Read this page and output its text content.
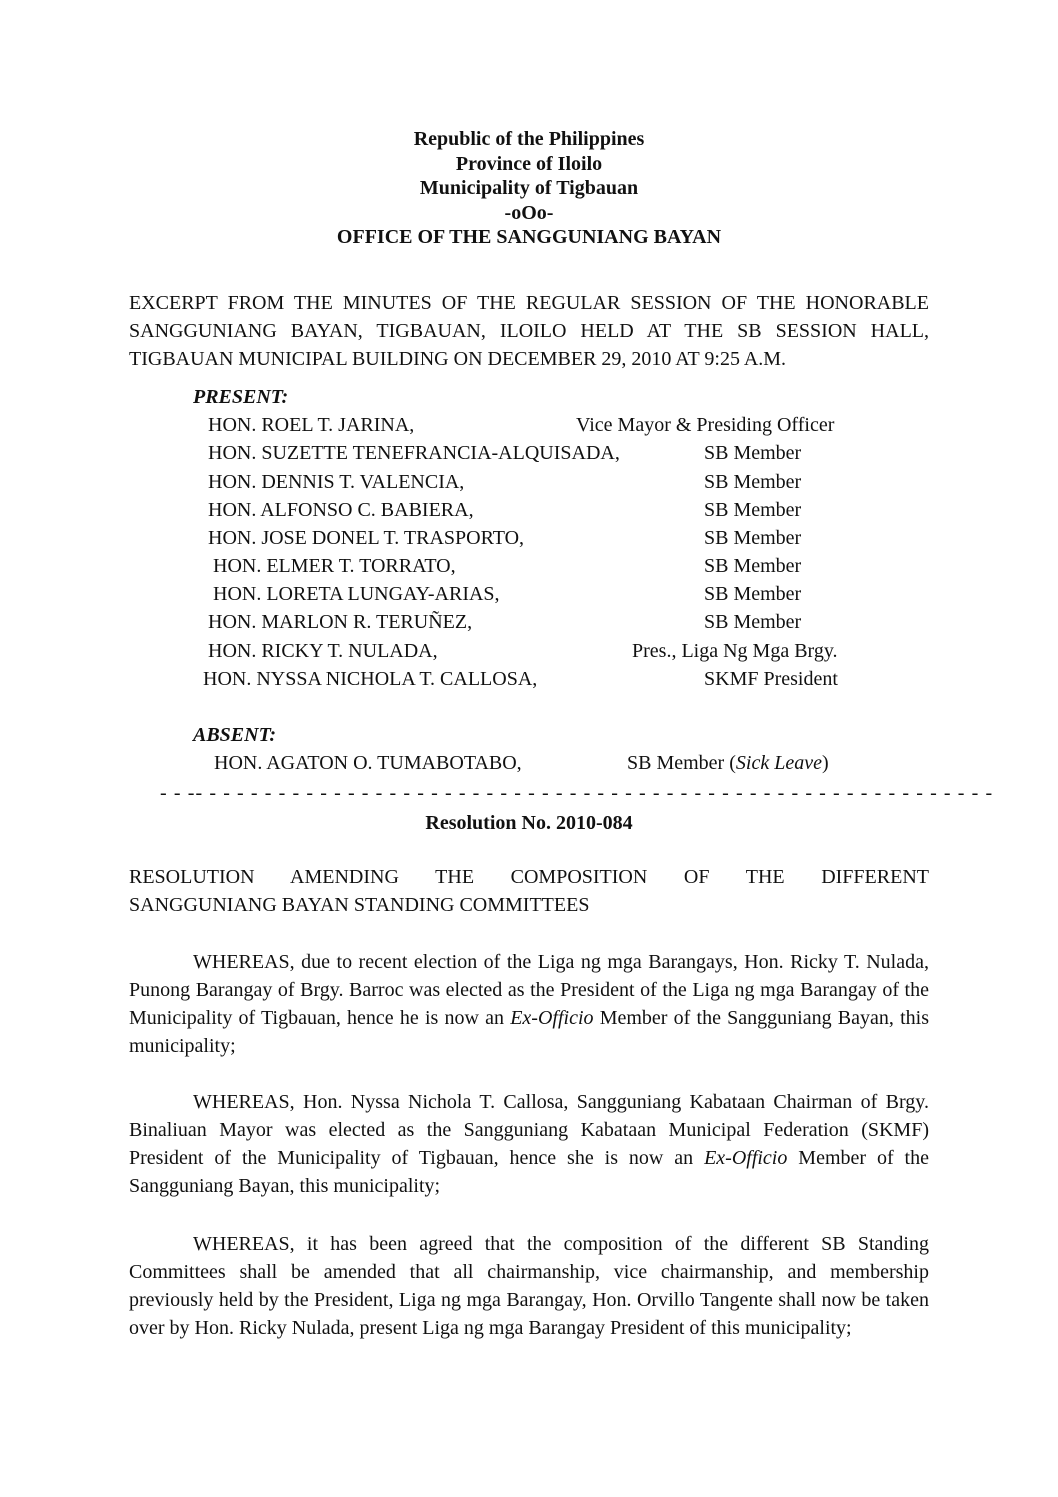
Republic of the Philippines
Province of Iloilo
Municipality of Tigbauan
-oOo-
OFFICE OF THE SANGGUNIANG BAYAN
EXCERPT FROM THE MINUTES OF THE REGULAR SESSION OF THE HONORABLE SANGGUNIANG BAYAN, TIGBAUAN, ILOILO HELD AT THE SB SESSION HALL, TIGBAUAN MUNICIPAL BUILDING ON DECEMBER 29, 2010 AT 9:25 A.M.
PRESENT:
HON. ROEL T. JARINA,	Vice Mayor & Presiding Officer
HON. SUZETTE TENEFRANCIA-ALQUISADA,	SB Member
HON. DENNIS T. VALENCIA,	SB Member
HON. ALFONSO C. BABIERA,	SB Member
HON. JOSE DONEL T. TRASPORTO,	SB Member
HON. ELMER T. TORRATO,	SB Member
HON. LORETA LUNGAY-ARIAS,	SB Member
HON. MARLON R. TERUÑEZ,	SB Member
HON. RICKY T. NULADA,	Pres., Liga Ng Mga Brgy.
HON. NYSSA NICHOLA T. CALLOSA,	SKMF President
ABSENT:
HON. AGATON O. TUMABOTABO,	SB Member (Sick Leave)
- - -- - - - - - - - - - - - - - - - - - - - - - - - - - - - - - - - - - - - - - - - - - - - - - - - - - - - - - - - - -
Resolution No. 2010-084
RESOLUTION AMENDING THE COMPOSITION OF THE DIFFERENT
SANGGUNIANG BAYAN STANDING COMMITTEES
WHEREAS, due to recent election of the Liga ng mga Barangays, Hon. Ricky T. Nulada, Punong Barangay of Brgy. Barroc was elected as the President of the Liga ng mga Barangay of the Municipality of Tigbauan, hence he is now an Ex-Officio Member of the Sangguniang Bayan, this municipality;
WHEREAS, Hon. Nyssa Nichola T. Callosa, Sangguniang Kabataan Chairman of Brgy. Binaliuan Mayor was elected as the Sangguniang Kabataan Municipal Federation (SKMF) President of the Municipality of Tigbauan, hence she is now an Ex-Officio Member of the Sangguniang Bayan, this municipality;
WHEREAS, it has been agreed that the composition of the different SB Standing Committees shall be amended that all chairmanship, vice chairmanship, and membership previously held by the President, Liga ng mga Barangay, Hon. Orvillo Tangente shall now be taken over by Hon. Ricky Nulada, present Liga ng mga Barangay President of this municipality;
